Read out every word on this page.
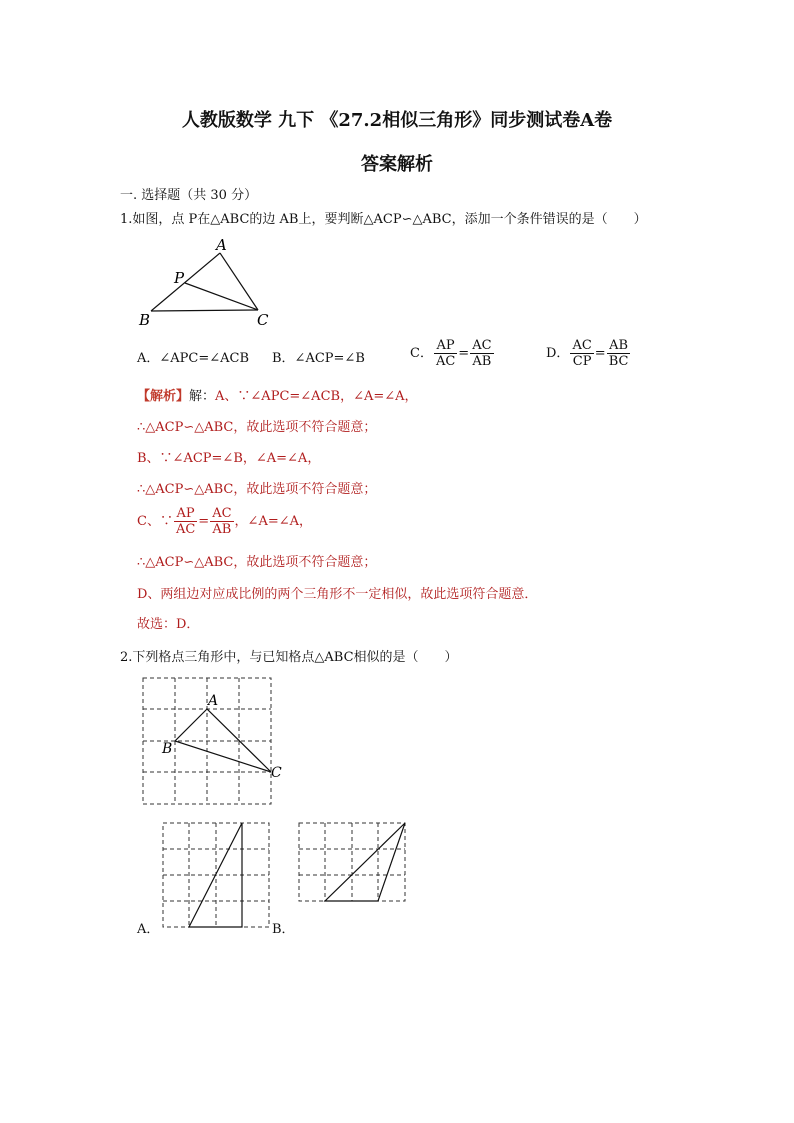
人教版数学 九下 《27.2相似三角形》同步测试卷A卷
答案解析
一. 选择题（共 30 分）
1.如图，点 P在△ABC的边 AB上，要判断△ACP∽△ABC，添加一个条件错误的是（　　）
A
P
B	C
A．∠APC=∠ACB B．∠ACP=∠B	C． $\frac{AP}{AC} = \frac{AC}{AB}$	D． $\frac{AC}{CP} = \frac{AB}{BC}$
【解析】解：A、∵∠APC=∠ACB，∠A=∠A，
∴△ACP∽△ABC，故此选项不符合题意；
B、∵∠ACP=∠B，∠A=∠A，
∴△ACP∽△ABC，故此选项不符合题意；
C、∵ $\frac{AP}{AC} = \frac{AC}{AB}$ ，∠A=∠A，
∴△ACP∽△ABC，故此选项不符合题意；
D、两组边对应成比例的两个三角形不一定相似，故此选项符合题意．
故选：D．
2.下列格点三角形中，与已知格点△ABC相似的是（　　）
A
B
C
A．	B．
